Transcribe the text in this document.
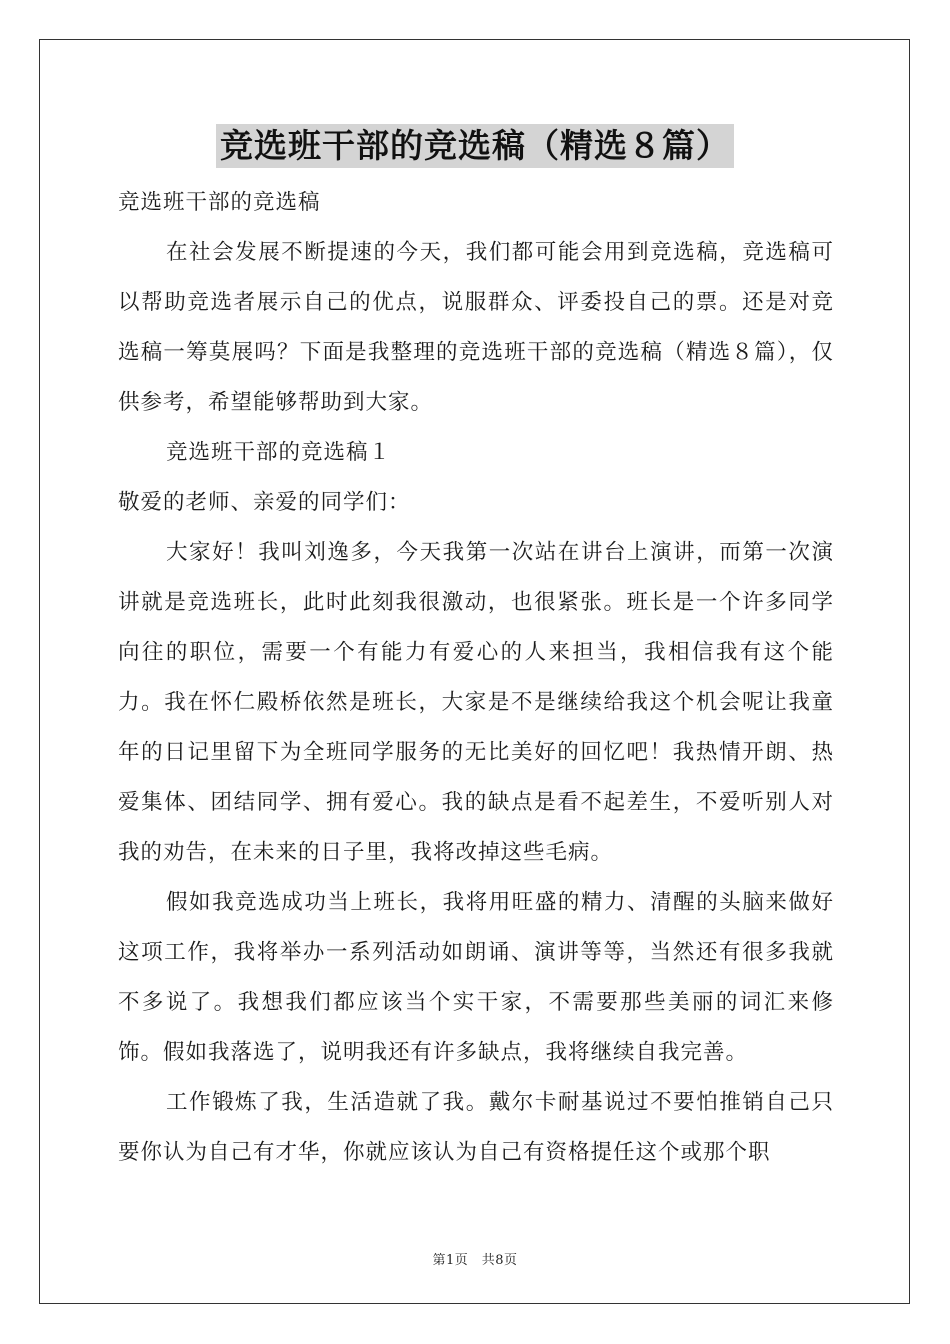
竞选班干部的竞选稿（精选８篇）

竞选班干部的竞选稿

在社会发展不断提速的今天，我们都可能会用到竞选稿，竞选稿可以帮助竞选者展示自己的优点，说服群众、评委投自己的票。还是对竞选稿一筹莫展吗？下面是我整理的竞选班干部的竞选稿（精选８篇），仅供参考，希望能够帮助到大家。

竞选班干部的竞选稿１

敬爱的老师、亲爱的同学们：

大家好！我叫刘逸多，今天我第一次站在讲台上演讲，而第一次演讲就是竞选班长，此时此刻我很激动，也很紧张。班长是一个许多同学向往的职位，需要一个有能力有爱心的人来担当，我相信我有这个能力。我在怀仁殿桥依然是班长，大家是不是继续给我这个机会呢让我童年的日记里留下为全班同学服务的无比美好的回忆吧！我热情开朗、热爱集体、团结同学、拥有爱心。我的缺点是看不起差生，不爱听别人对我的劝告，在未来的日子里，我将改掉这些毛病。

假如我竞选成功当上班长，我将用旺盛的精力、清醒的头脑来做好这项工作，我将举办一系列活动如朗诵、演讲等等，当然还有很多我就不多说了。我想我们都应该当个实干家，不需要那些美丽的词汇来修饰。假如我落选了，说明我还有许多缺点，我将继续自我完善。

工作锻炼了我，生活造就了我。戴尔卡耐基说过不要怕推销自己只要你认为自己有才华，你就应该认为自己有资格提任这个或那个职

第1页　共8页
